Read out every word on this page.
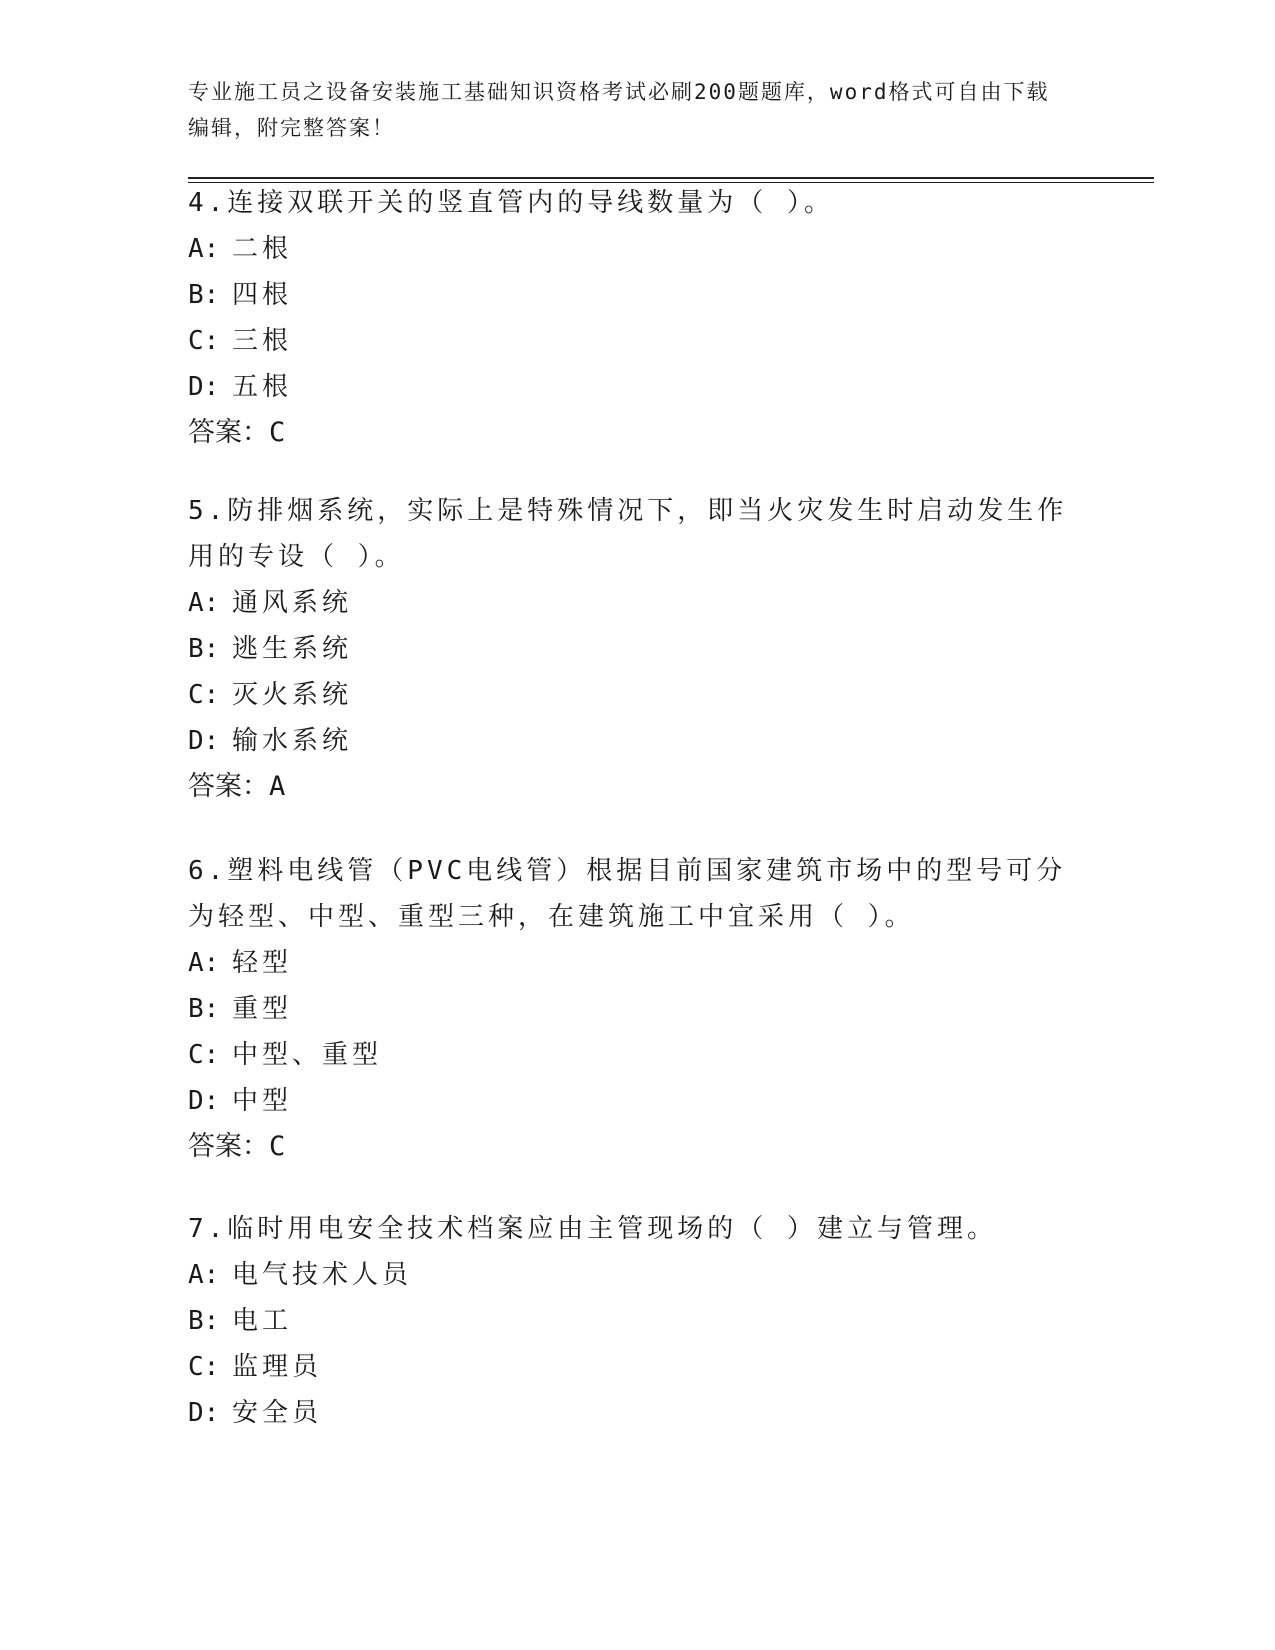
专业施工员之设备安装施工基础知识资格考试必刷200题题库，word格式可自由下载编辑，附完整答案！
4.连接双联开关的竖直管内的导线数量为（ ）。
A: 二根
B: 四根
C: 三根
D: 五根
答案：C
5.防排烟系统，实际上是特殊情况下，即当火灾发生时启动发生作用的专设（ ）。
A: 通风系统
B: 逃生系统
C: 灭火系统
D: 输水系统
答案：A
6.塑料电线管（PVC电线管）根据目前国家建筑市场中的型号可分为轻型、中型、重型三种，在建筑施工中宜采用（ ）。
A: 轻型
B: 重型
C: 中型、重型
D: 中型
答案：C
7.临时用电安全技术档案应由主管现场的（ ）建立与管理。
A: 电气技术人员
B: 电工
C: 监理员
D: 安全员
